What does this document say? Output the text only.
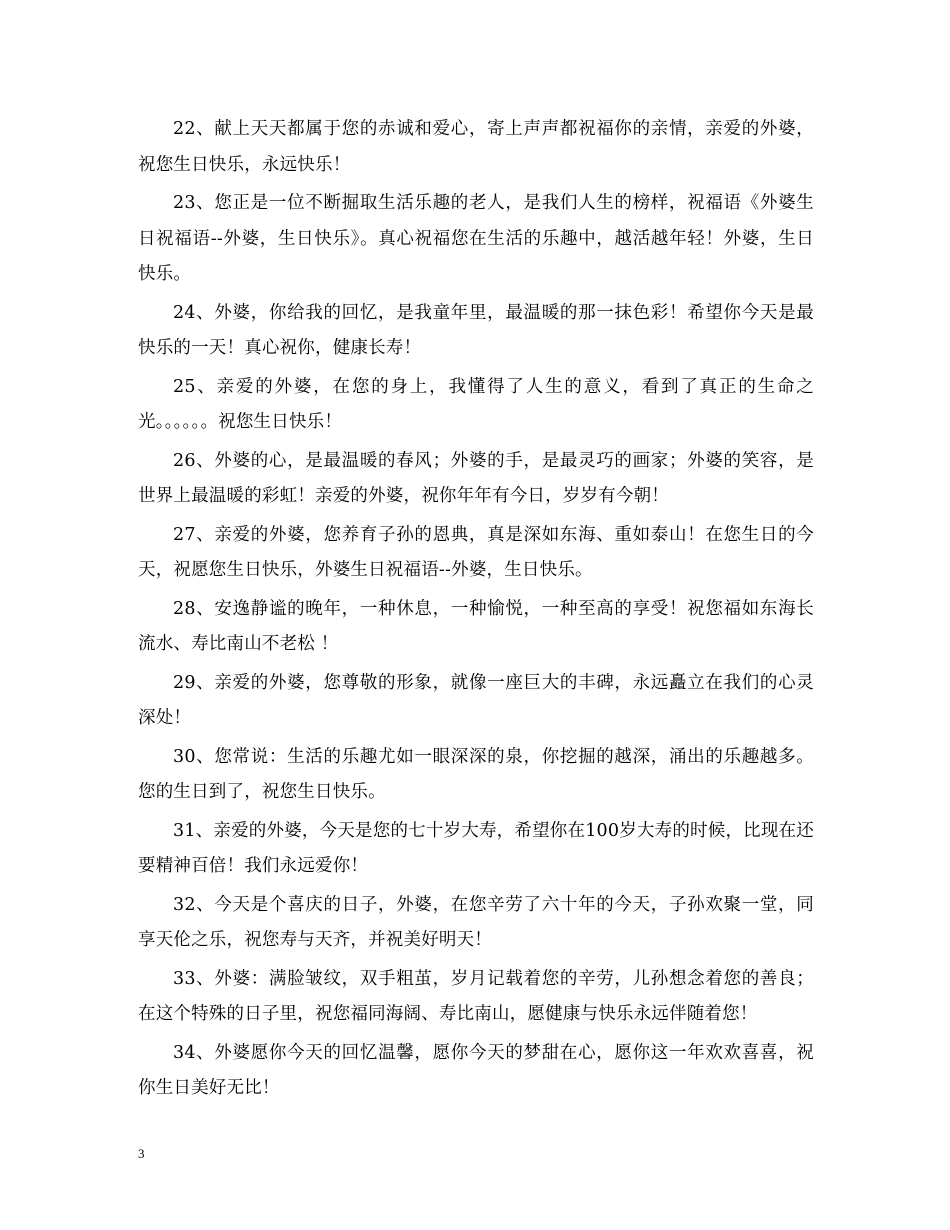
22、献上天天都属于您的赤诚和爱心，寄上声声都祝福你的亲情，亲爱的外婆，祝您生日快乐，永远快乐！

23、您正是一位不断掘取生活乐趣的老人，是我们人生的榜样，祝福语《外婆生日祝福语--外婆，生日快乐》。真心祝福您在生活的乐趣中，越活越年轻！外婆，生日快乐。

24、外婆，你给我的回忆，是我童年里，最温暖的那一抹色彩！希望你今天是最快乐的一天！真心祝你，健康长寿！

25、亲爱的外婆，在您的身上，我懂得了人生的意义，看到了真正的生命之光。。。。。。祝您生日快乐！

26、外婆的心，是最温暖的春风；外婆的手，是最灵巧的画家；外婆的笑容，是世界上最温暖的彩虹！亲爱的外婆，祝你年年有今日，岁岁有今朝！

27、亲爱的外婆，您养育子孙的恩典，真是深如东海、重如泰山！在您生日的今天，祝愿您生日快乐，外婆生日祝福语--外婆，生日快乐。

28、安逸静谧的晚年，一种休息，一种愉悦，一种至高的享受！祝您福如东海长流水、寿比南山不老松 ！

29、亲爱的外婆，您尊敬的形象，就像一座巨大的丰碑，永远矗立在我们的心灵深处！

30、您常说：生活的乐趣尤如一眼深深的泉，你挖掘的越深，涌出的乐趣越多。您的生日到了，祝您生日快乐。

31、亲爱的外婆，今天是您的七十岁大寿，希望你在100岁大寿的时候，比现在还要精神百倍！我们永远爱你！

32、今天是个喜庆的日子，外婆，在您辛劳了六十年的今天，子孙欢聚一堂，同享天伦之乐，祝您寿与天齐，并祝美好明天！

33、外婆：满脸皱纹，双手粗茧，岁月记载着您的辛劳，儿孙想念着您的善良；在这个特殊的日子里，祝您福同海阔、寿比南山，愿健康与快乐永远伴随着您！

34、外婆愿你今天的回忆温馨，愿你今天的梦甜在心，愿你这一年欢欢喜喜，祝你生日美好无比！

3
